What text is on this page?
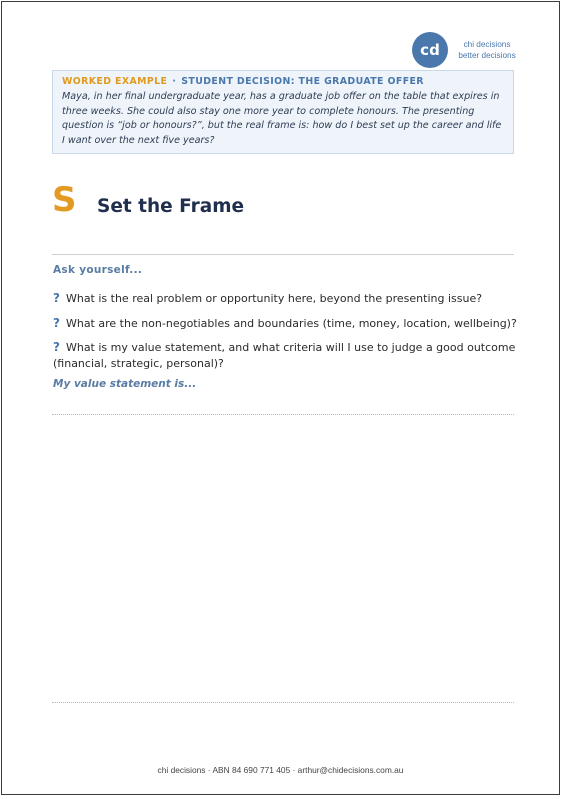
cd	chi decisions
better decisions
WORKED EXAMPLE · STUDENT DECISION: THE GRADUATE OFFER
Maya, in her final undergraduate year, has a graduate job offer on the table that expires in three weeks. She could also stay one more year to complete honours. The presenting question is “job or honours?”, but the real frame is: how do I best set up the career and life I want over the next five years?
S Set the Frame
Ask yourself...
? What is the real problem or opportunity here, beyond the presenting issue?
? What are the non-negotiables and boundaries (time, money, location, wellbeing)?
? What is my value statement, and what criteria will I use to judge a good outcome (financial, strategic, personal)?
My value statement is...
chi decisions · ABN 84 690 771 405 · arthur@chidecisions.com.au
